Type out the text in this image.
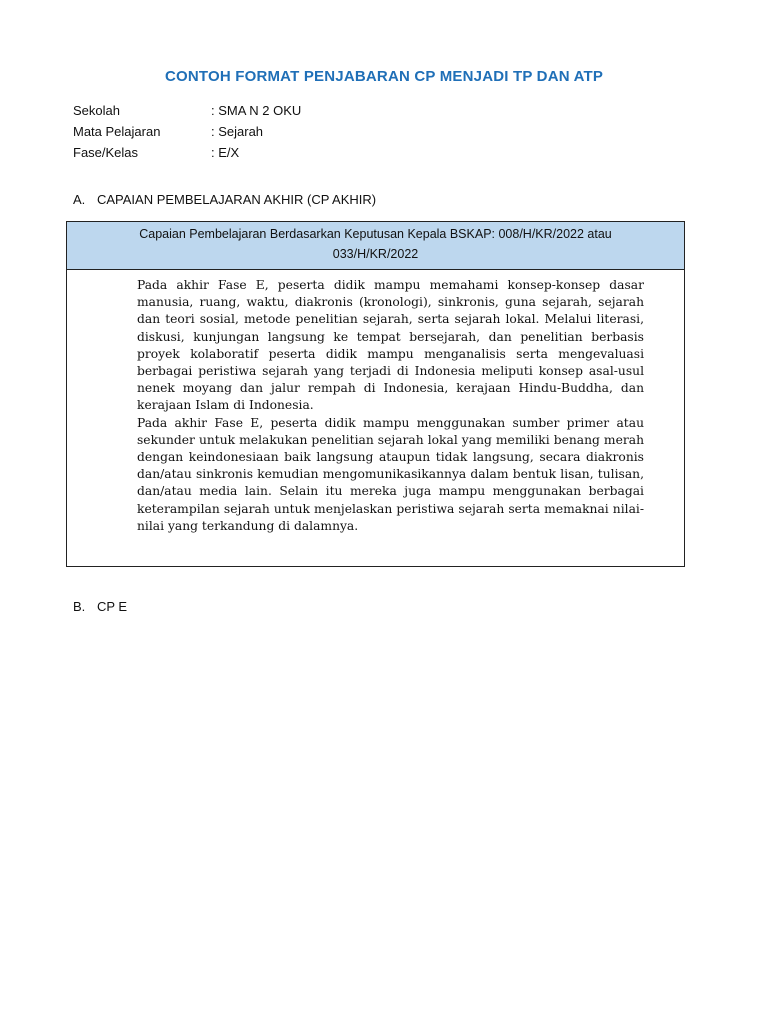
CONTOH FORMAT PENJABARAN CP MENJADI TP DAN ATP
Sekolah	: SMA N 2 OKU
Mata Pelajaran	: Sejarah
Fase/Kelas	: E/X
A. CAPAIAN PEMBELAJARAN AKHIR (CP AKHIR)
Capaian Pembelajaran Berdasarkan Keputusan Kepala BSKAP: 008/H/KR/2022 atau 033/H/KR/2022

Pada akhir Fase E, peserta didik mampu memahami konsep-konsep dasar manusia, ruang, waktu, diakronis (kronologi), sinkronis, guna sejarah, sejarah dan teori sosial, metode penelitian sejarah, serta sejarah lokal. Melalui literasi, diskusi, kunjungan langsung ke tempat bersejarah, dan penelitian berbasis proyek kolaboratif peserta didik mampu menganalisis serta mengevaluasi berbagai peristiwa sejarah yang terjadi di Indonesia meliputi konsep asal-usul nenek moyang dan jalur rempah di Indonesia, kerajaan Hindu-Buddha, dan kerajaan Islam di Indonesia.

Pada akhir Fase E, peserta didik mampu menggunakan sumber primer atau sekunder untuk melakukan penelitian sejarah lokal yang memiliki benang merah dengan keindonesiaan baik langsung ataupun tidak langsung, secara diakronis dan/atau sinkronis kemudian mengomunikasikannya dalam bentuk lisan, tulisan, dan/atau media lain. Selain itu mereka juga mampu menggunakan berbagai keterampilan sejarah untuk menjelaskan peristiwa sejarah serta memaknai nilai-nilai yang terkandung di dalamnya.

B. CP E
